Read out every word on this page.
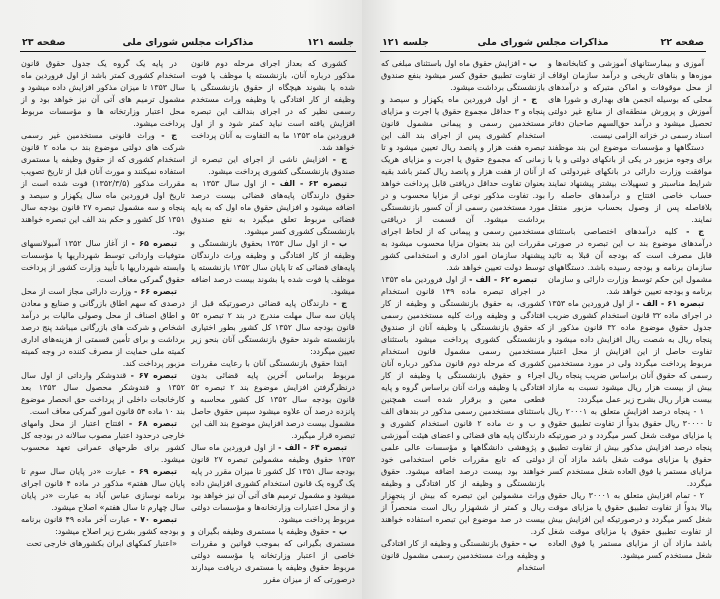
صفحه ۲۳	مذاکرات مجلس شورای ملی	جلسه ۱۲۱

در پایه یک گروه یک جدول حقوق قانون استخدام کشوری کمتر باشد از اول فروردین ماه سال ۱۳۵۳ تا میزان مذکور افزایش داده میشود و مشمول ترمیم های آتی آن نیز خواهد بود و از محل اعتبار وزارتخانه ها و مؤسسات مربوط پرداخت میشود.

ج - وراث قانونی مستخدمین غیر رسمی شرکت های دولتی موضوع بند ب ماده ۲ قانون استخدام کشوری که از حقوق وظیفه یا مستمری استفاده نمیکنند و مورث آنان قبل از تاریخ تصویب مقررات مذکور (۱۳۵۲/۳/۵) فوت شده است از تاریخ اول فروردین ماه سال یکهزار و سیصد و پنجاه و سه مشمول تبصره ۲۷ قانون بودجه سال ۱۳۵۱ کل کشور و حکم بند الف این تبصره خواهند بود.

تبصره ۶۵ - از آغاز سال ۱۳۵۲ آمبولانسهای متوفیات وارداتی توسط شهرداریها یا مؤسسات وابسته شهرداریها با تأیید وزارت کشور از پرداخت حقوق گمرکی معاف است.

تبصره ۶۶ - وزارت دارائی مجاز است از محل درصدی که سهم اطاق بازرگانی و صنایع و معادن و اطاق اصناف از محل وصولی مالیات بر درآمد اشخاص و شرکت های بازرگانی میباشد پنج درصد برداشت و برای تأمین قسمتی از هزینه‌های اداری کمیته ملی حمایت از مصرف کننده در وجه کمیته مزبور پرداخت کند.

تبصره ۶۷ - قندوشکر وارداتی از اول سال ۱۳۵۲ و قندوشکر محصول سال ۱۳۵۳ بعد کارخانجات داخلی از پرداخت حق انحصار موضوع بند ۱۰ ماده ۵۴ قانون امور گمرکی معاف است.

تبصره ۶۸ - افتتاح اعتبار از محل وامهای خارجی درحدود اعتبار مصوب سالانه در بودجه کل کشور برای طرحهای عمرانی تعهد محسوب میشود.

تبصره ۶۹ - عبارت «در پایان سال سوم تا پایان سال هفتم» مذکور در ماده ۴ قانون اجرای برنامه نوسازی عباس آباد به عبارت «در پایان سال چهارم تا سال هفتم» اصلاح میشود.

تبصره ۷۰ - عبارت آخر ماده ۴۹ قانون برنامه و بودجه کشور بشرح زیر اصلاح میشود:

«اعتبار کمکهای ایران بکشورهای خارجی تحت

کشوری که بعداز اجرای مرحله دوم قانون مذکور درباره آنان، بازنشسته یا موظف یا فوت شده یا بشوند هیچگاه از حقوق بازنشستگی یا وظیفه از کار افتادگی یا وظیفه وراث مستخدم رسمی نظیر که در اجرای بندالف این تبصره افزایش یافته است نباید کمتر شود و از اول فروردین ماه ۱۳۵۳ ما به التفاوت به آنان پرداخت خواهد شد.

ج - افزایش ناشی از اجرای این تبصره از صندوق بازنشستگی کشوری پرداخت میشود.

تبصره ۶۳ - الف - از اول سال ۱۳۵۳ به حقوق دارندگان پایه‌های قضائی بیست درصد اضافه میشود و افزایش حقوق ماه اول که به پایه قضائی مربوط تعلق میگیرد به نفع صندوق بازنشستگی کشوری کسر میشود.

ب - از اول سال ۱۳۵۳ بحقوق بازنشستگی و وظیفه از کار افتادگی و وظیفه وراث دارندگان پایه‌های قضائی که تا پایان سال ۱۳۵۲ بازنشسته یا موظف یا فوت شده یا بشوند بیست درصد اضافه میشود.

ج - دارندگان پایه قضائی درصورتیکه قبل از پایان سه سال مهلت مندرج در بند ۲ تبصره ۵۲ قانون بودجه سال ۱۳۵۲ کل کشور بطور اختیاری بازنشسته شوند حقوق بازنشستگی آنان بنحو زیر تعیین میگردد:

ابتدا حقوق بازنشستگی آنان با رعایت مقررات مربوط براساس آخرین پایه قضائی بدون درنظرگرفتن افزایش موضوع بند ۲ تبصره ۵۲ قانون بودجه سال ۱۳۵۲ کل کشور محاسبه و پانزده درصد آن علاوه میشود سپس حقوق حاصل مشمول بیست درصد افزایش موضوع بند الف این تبصره قرار میگیرد.

تبصره ۶۴ - الف - از اول فروردین ماه سال ۱۳۵۳ حقوق وظیفه مشمولین تبصره ۲۷ قانون بودجه سال ۱۳۵۱ کل کشور تا میزان مقرر در پایه یک گروه یک قانون استخدام کشوری افزایش داده میشود و مشمول ترمیم های آتی آن نیز خواهد بود و از محل اعتبارات وزارتخانه‌ها و مؤسسات دولتی مربوط پرداخت میشود.

ب - حقوق وظیفه یا مستمری وظیفه بگیران و مستمری بگیرانی که بموجب قوانین و مقررات خاصی از اعتبار وزارتخانه یا مؤسسه دولتی مربوط حقوق وظیفه یا مستمری دریافت میدارند درصورتی که از میزان مقرر

جلسه ۱۲۱	مذاکرات مجلس شورای ملی	صفحه ۲۲

ب - افزایش حقوق ماه اول باستثنای مبلغی که از تفاوت تطبیق حقوق کسر میشود بنفع صندوق بازنشستگی برداشت میشود.

ج - از اول فروردین ماه یکهزار و سیصد و پنجاه و ۳ حداقل مجموع حقوق یا اجرت و مزایای مستخدمین رسمی و پیمانی مشمول قانون استخدام کشوری پس از اجرای بند الف این تبصره هفت هزار و پانصد ریال تعیین میشود و تا زمانی که مجموع حقوق یا اجرت و مزایای هریک از آنان از هفت هزار و پانصد ریال کمتر باشد بقیه بعنوان تفاوت حداقل دریافتی قابل پرداخت خواهد بود. تفاوت مذکور نوعی از مزایا محسوب و در مورد مستخدمین رسمی از آن کسور بازنشستگی برداشت میشود. آن قسمت از دریافتی مستخدمین رسمی و پیمانی که از لحاظ اجرای مقررات این بند بعنوان مزایا محسوب میشود به پیشنهاد سازمان امور اداری و استخدامی کشور توسط دولت تعیین خواهد شد.

تبصره ۶۲ - الف - از اول فروردین ماه ۱۳۵۳ در اجرای تبصره ماده ۱۴۹ قانون استخدام کشوری، به حقوق بازنشستگی و وظیفه از کار افتادگی و وظیفه وراث کلیه مستخدمین رسمی که حقوق بازنشستگی یا وظیفه آنان از صندوق بازنشستگی کشوری پرداخت میشود باستثنای مستخدمین رسمی مشمول قانون استخدام کشوری که مرحله دوم قانون مذکور درباره آنان اجراء و حقوق بازنشستگی یا وظیفه از کار افتادگی یا وظیفه وراث آنان براساس گروه و پایه قطعی معین و برقرار شده است همچنین باستثنای مستخدمین رسمی مذکور در بندهای الف و ب و ث ماده ۲ قانون استخدام کشوری و دارندگان پایه های قضائی و اعضای هیئت آموزشی و پژوهشی دانشگاهها و مؤسسات عالی علمی دولتی که تابع مقررات خاص استخدامی خود خواهند بود بیست درصد اضافه میشود. حقوق بازنشستگی و وظیفه از کار افتادگی و وظیفه وراث مشمولین این تبصره که بیش از پنجهزار ریال و کمتر از ششهزار ریال است منحصراً از بیست در صد موضوع این تبصره استفاده خواهند کرد.

ب - حقوق بازنشستگی و وظیفه از کار افتادگی و وظیفه وراث مستخدمین رسمی مشمول قانون استخدام

آموزی و بیمارستانهای آموزشی و کتابخانه‌ها و موزه‌ها و بناهای تاریخی و درآمد سازمان اوقاف از محل موقوفات و اماکن متبرکه و درآمدهای محلی که بوسیله انجمن های بهداری و شورا های آموزش و پرورش منطقه‌ای از منابع غیر دولتی تحصیل میشود و درآمد حق‌السهم صاحبان دفاتر اسناد رسمی در خزانه الزامی نیست.

دستگاهها و مؤسسات موضوع این بند موظفند برای وجوه مزبور در یکی از بانکهای دولتی و یا با موافقت وزارت دارائی در بانکهای غیردولتی که شرایط مناسبتر و تسهیلات بیشتر پیشنهاد نمایند حساب خاصی افتتاح و درآمدهای حاصله را بلافاصله پس از وصول بحساب مزبور منتقل نمایند.

ج - کلیه درآمدهای اختصاصی باستثنای درآمدهای موضوع بند ب این تبصره در صورتی قابل مصرف است که بودجه آن قبلا به تائید سازمان برنامه و بودجه رسیده باشد. دستگاههای مشمول این حکم توسط وزارت دارائی و سازمان برنامه و بودجه تعیین خواهد شد.

تبصره ۶۱ - الف - از اول فروردین ماه ۱۳۵۳ در اجرای ماده ۳۲ قانون استخدام کشوری ضریب جدول حقوق موضوع ماده ۳۲ قانون مذکور از پنجاه ریال به شصت ریال افزایش داده میشود و تفاوت حاصل از این افزایش از محل اعتبار مربوط پرداخت میگردد ولی در مورد مستخدمین رسمی که حقوق آنان براساس ضریب پنجاه ریال بیش از بیست هزار ریال میشود نسبت به مازاد بیست هزار ریال بشرح زیر عمل میگردد:

۱ - پنجاه درصد افزایش متعلق به ۲۰۰۰۱ ریال تا ۳۰۰۰۰ ریال حقوق بدواً از تفاوت تطبیق حقوق یا مزایای موقت شغل کسر میگردد و در صورتیکه پنجاه درصد افزایش مذکور بیش از تفاوت تطبیق حقوق یا مزایای موقت شغل باشد مازاد آن از مزایای مستمر یا فوق العاده شغل مستخدم کسر میگردد.

۲ - تمام افزایش متعلق به ۳۰۰۰۱ ریال حقوق ببالا بدواً از تفاوت تطبیق حقوق یا مزایای موقت شغل کسر میگردد و درصورتیکه این افزایش بیش از تفاوت تطبیق حقوق یا مزایای موقت شغل باشد مازاد آن از مزایای مستمر یا فوق العاده شغل مستخدم کسر میشود.
